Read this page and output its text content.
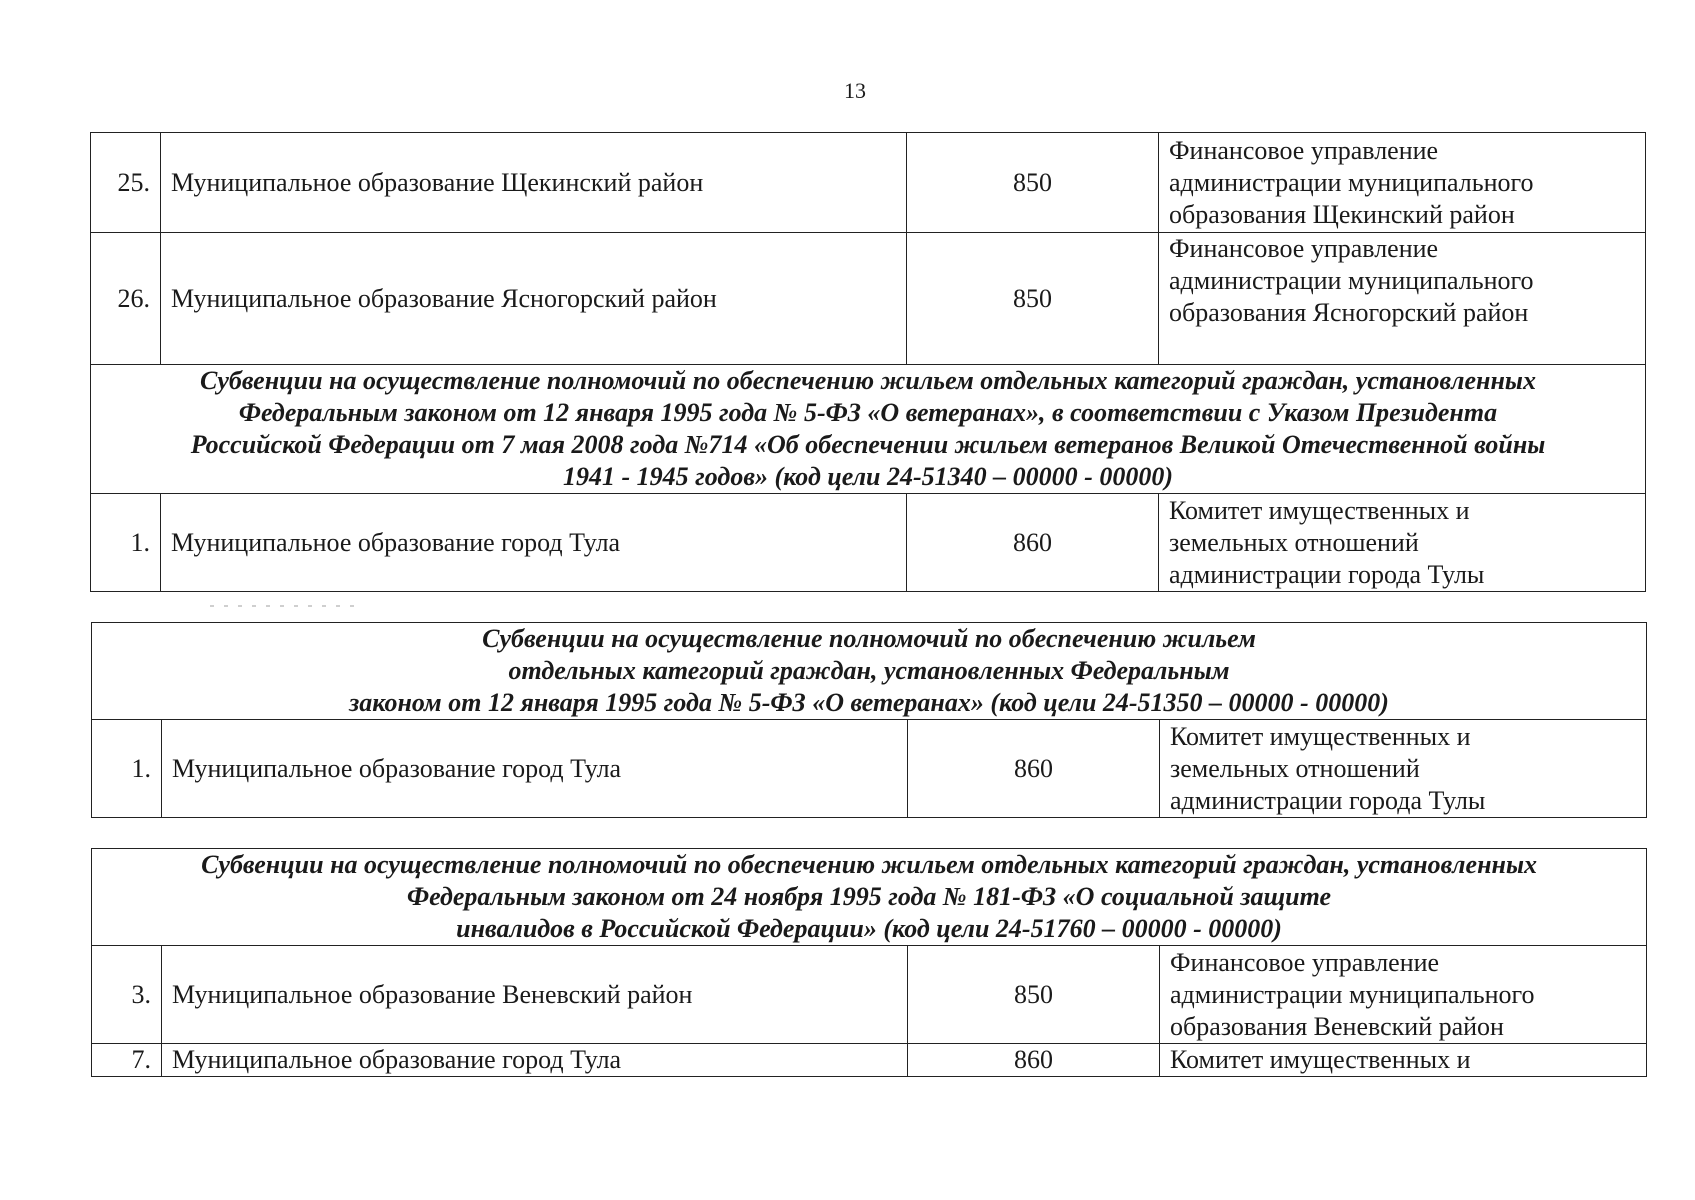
13
25.	Муниципальное образование Щекинский район	850	Финансовое управление
администрации муниципального
образования Щекинский район

26.	Муниципальное образование Ясногорский район	850	Финансовое управление
администрации муниципального
образования Ясногорский район

Субвенции на осуществление полномочий по обеспечению жильем отдельных категорий граждан, установленных
Федеральным законом от 12 января 1995 года № 5-ФЗ «О ветеранах», в соответствии с Указом Президента
Российской Федерации от 7 мая 2008 года №714 «Об обеспечении жильем ветеранов Великой Отечественной войны
1941 - 1945 годов» (код цели 24-51340 – 00000 - 00000)			

1.	Муниципальное образование город Тула	860	Комитет имущественных и
земельных отношений
администрации города Тулы
Субвенции на осуществление полномочий по обеспечению жильем
отдельных категорий граждан, установленных Федеральным
законом от 12 января 1995 года № 5-ФЗ «О ветеранах» (код цели 24-51350 – 00000 - 00000)

1.	Муниципальное образование город Тула	860	
Комитет имущественных и
земельных отношений
администрации города Тулы
Субвенции на осуществление полномочий по обеспечению жильем отдельных категорий граждан, установленных
Федеральным законом от 24 ноября 1995 года № 181-ФЗ «О социальной защите
инвалидов в Российской Федерации» (код цели 24-51760 – 00000 - 00000)			

3.	Муниципальное образование Веневский район	850	Финансовое управление
администрации муниципального
образования Веневский район

7.	Муниципальное образование город Тула	860	Комитет имущественных и
